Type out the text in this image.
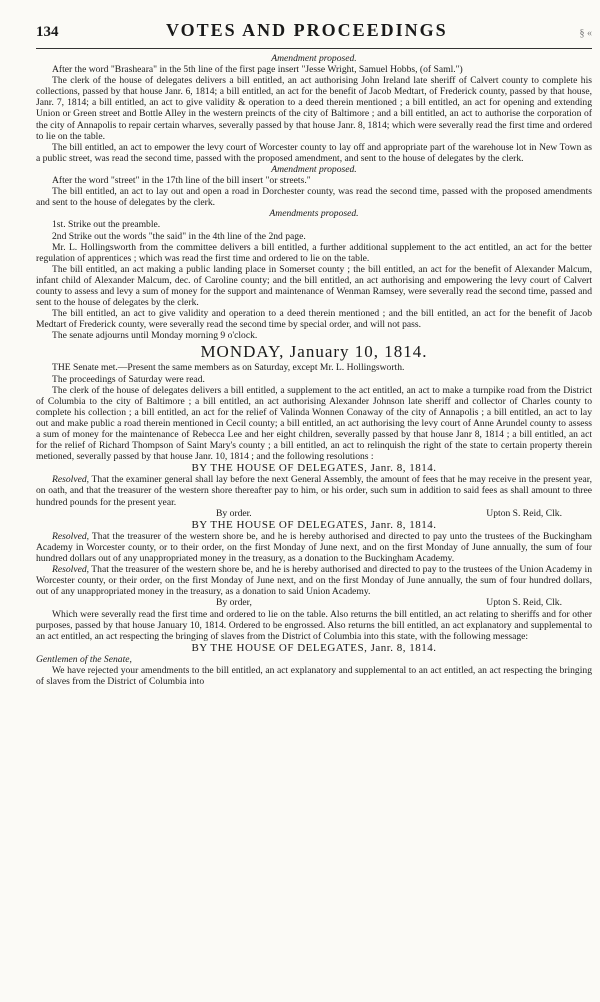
134	VOTES AND PROCEEDINGS	§ «

Amendment proposed.

After the word "Brasheara" in the 5th line of the first page insert "Jesse Wright, Samuel Hobbs, (of Saml.")

The clerk of the house of delegates delivers a bill entitled, an act authorising John Ireland late sheriff of Calvert county to complete his collections, passed by that house Janr. 6, 1814; a bill entitled, an act for the benefit of Jacob Medtart, of Frederick county, passed by that house, Janr. 7, 1814; a bill entitled, an act to give validity & operation to a deed therein mentioned ; a bill entitled, an act for opening and extending Union or Green street and Bottle Alley in the western preincts of the city of Baltimore ; and a bill entitled, an act to authorise the corporation of the city of Annapolis to repair certain wharves, severally passed by that house Janr. 8, 1814; which were severally read the first time and ordered to lie on the table.

The bill entitled, an act to empower the levy court of Worcester county to lay off and appropriate part of the warehouse lot in New Town as a public street, was read the second time, passed with the proposed amendment, and sent to the house of delegates by the clerk.

Amendment proposed.

After the word "street" in the 17th line of the bill insert "or streets."

The bill entitled, an act to lay out and open a road in Dorchester county, was read the second time, passed with the proposed amendments and sent to the house of delegates by the clerk.

Amendments proposed.

1st. Strike out the preamble.

2nd Strike out the words "the said" in the 4th line of the 2nd page.

Mr. L. Hollingsworth from the committee delivers a bill entitled, a further additional supplement to the act entitled, an act for the better regulation of apprentices ; which was read the first time and ordered to lie on the table.

The bill entitled, an act making a public landing place in Somerset county ; the bill entitled, an act for the benefit of Alexander Malcum, infant child of Alexander Malcum, dec. of Caroline county; and the bill entitled, an act authorising and empowering the levy court of Calvert county to assess and levy a sum of money for the support and maintenance of Wenman Ramsey, were severally read the second time, passed and sent to the house of delegates by the clerk.

The bill entitled, an act to give validity and operation to a deed therein mentioned ; and the bill entitled, an act for the benefit of Jacob Medtart of Frederick county, were severally read the second time by special order, and will not pass.

The senate adjourns until Monday morning 9 o'clock.

MONDAY, January 10, 1814.

THE Senate met.—Present the same members as on Saturday, except Mr. L. Hollingsworth.

The proceedings of Saturday were read.

The clerk of the house of delegates delivers a bill entitled, a supplement to the act entitled, an act to make a turnpike road from the District of Columbia to the city of Baltimore ; a bill entitled, an act authorising Alexander Johnson late sheriff and collector of Charles county to complete his collection ; a bill entitled, an act for the relief of Valinda Wonnen Conaway of the city of Annapolis ; a bill entitled, an act to lay out and make public a road therein mentioned in Cecil county; a bill entitled, an act authorising the levy court of Anne Arundel county to assess a sum of money for the maintenance of Rebecca Lee and her eight children, severally passed by that house Janr 8, 1814 ; a bill entitled, an act for the relief of Richard Thompson of Saint Mary's county ; a bill entitled, an act to relinquish the right of the state to certain property therein metioned, severally passed by that house Janr. 10, 1814 ; and the following resolutions :

BY THE HOUSE OF DELEGATES, Janr. 8, 1814.

Resolved, That the examiner general shall lay before the next General Assembly, the amount of fees that he may receive in the present year, on oath, and that the treasurer of the western shore thereafter pay to him, or his order, such sum in addition to said fees as shall amount to three hundred pounds for the present year.

By order.	Upton S. Reid, Clk.

BY THE HOUSE OF DELEGATES, Janr. 8, 1814.

Resolved, That the treasurer of the western shore be, and he is hereby authorised and directed to pay unto the trustees of the Buckingham Academy in Worcester county, or to their order, on the first Monday of June next, and on the first Monday of June annually, the sum of four hundred dollars out of any unappropriated money in the treasury, as a donation to the Buckingham Academy.

Resolved, That the treasurer of the western shore be, and he is hereby authorised and directed to pay to the trustees of the Union Academy in Worcester county, or their order, on the first Monday of June next, and on the first Monday of June annually, the sum of four hundred dollars, out of any unappropriated money in the treasury, as a donation to said Union Academy.

By order,	Upton S. Reid, Clk.

Which were severally read the first time and ordered to lie on the table. Also returns the bill entitled, an act relating to sheriffs and for other purposes, passed by that house January 10, 1814. Ordered to be engrossed. Also returns the bill entitled, an act explanatory and supplemental to an act entitled, an act respecting the bringing of slaves from the District of Columbia into this state, with the following message:

BY THE HOUSE OF DELEGATES, Janr. 8, 1814.

Gentlemen of the Senate,

We have rejected your amendments to the bill entitled, an act explanatory and supplemental to an act entitled, an act respecting the bringing of slaves from the District of Columbia into
